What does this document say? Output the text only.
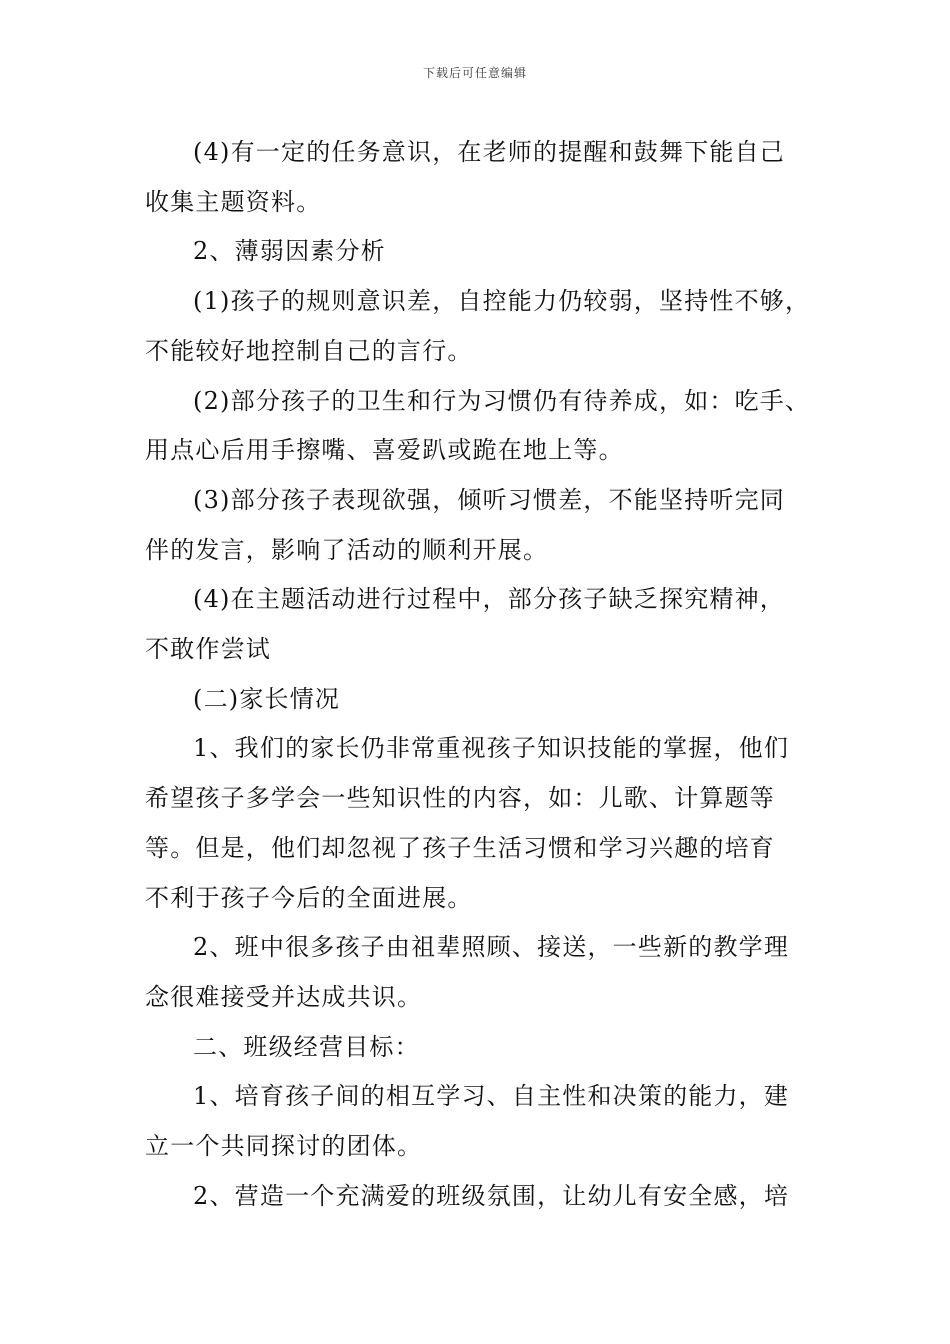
下载后可任意编辑

(4)有一定的任务意识，在老师的提醒和鼓舞下能自己
收集主题资料。

2、薄弱因素分析

(1)孩子的规则意识差，自控能力仍较弱，坚持性不够，
不能较好地控制自己的言行。

(2)部分孩子的卫生和行为习惯仍有待养成，如：吃手、
用点心后用手擦嘴、喜爱趴或跪在地上等。

(3)部分孩子表现欲强，倾听习惯差，不能坚持听完同
伴的发言，影响了活动的顺利开展。

(4)在主题活动进行过程中，部分孩子缺乏探究精神，
不敢作尝试

(二)家长情况

1、我们的家长仍非常重视孩子知识技能的掌握，他们
希望孩子多学会一些知识性的内容，如：儿歌、计算题等
等。但是，他们却忽视了孩子生活习惯和学习兴趣的培育
不利于孩子今后的全面进展。

2、班中很多孩子由祖辈照顾、接送，一些新的教学理
念很难接受并达成共识。

二、班级经营目标：

1、培育孩子间的相互学习、自主性和决策的能力，建
立一个共同探讨的团体。

2、营造一个充满爱的班级氛围，让幼儿有安全感，培
